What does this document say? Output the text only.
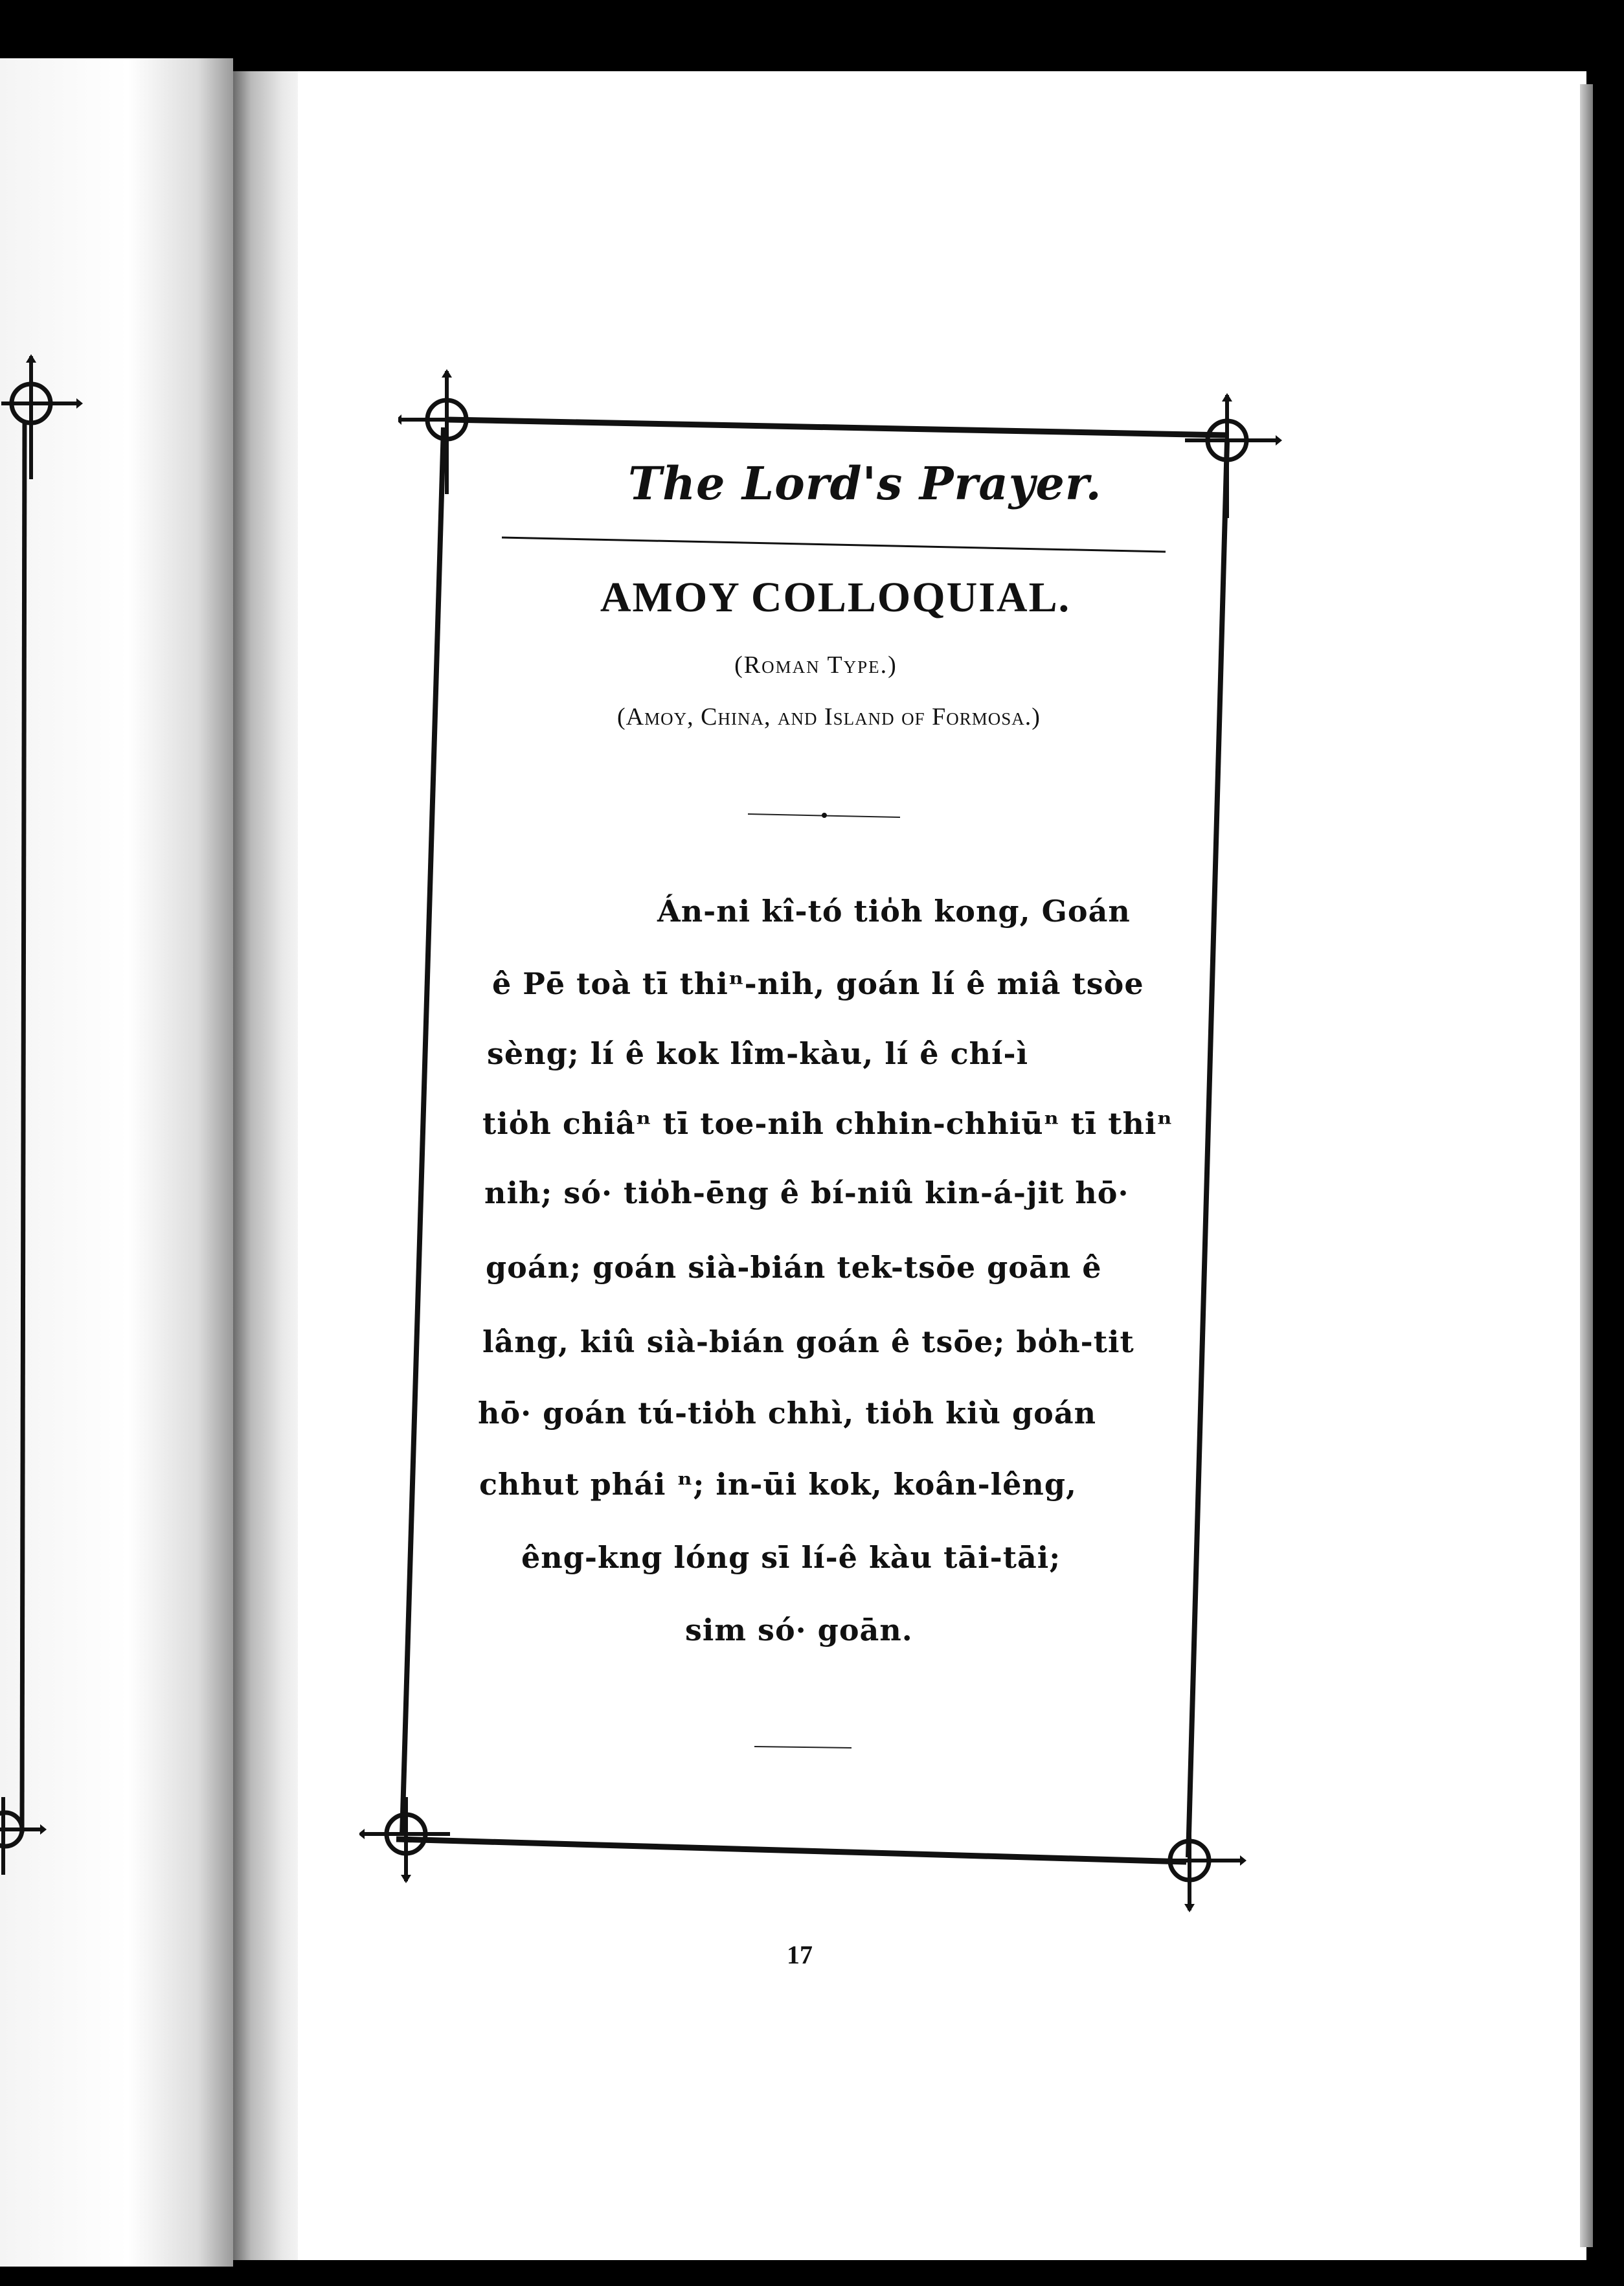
The Lord's Prayer.
AMOY COLLOQUIAL.
(Roman Type.)
(Amoy, China, and Island of Formosa.)
Án-ni kî-tó tio̍h kong, Goán
ê Pē toà tī thiⁿ-nih, goán lí ê miâ tsòe
sèng; lí ê kok lîm-kàu, lí ê chí-ì
tio̍h chiâⁿ tī toe-nih chhin-chhiūⁿ tī thiⁿ
nih; só· tio̍h-ēng ê bí-niû kin-á-jit hō·
goán; goán sià-bián tek-tsōe goān ê
lâng, kiû sià-bián goán ê tsōe; bo̍h-tit
hō· goán tú-tio̍h chhì, tio̍h kiù goán
chhut phái ⁿ; in-ūi kok, koân-lêng,
êng-kng lóng sī lí-ê kàu tāi-tāi;
sim só· goān.
17
